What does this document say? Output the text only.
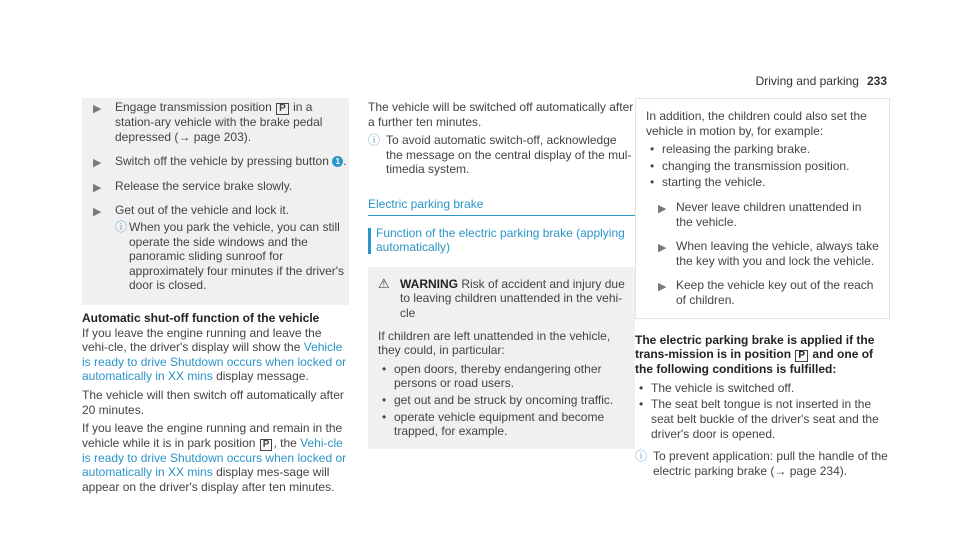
Driving and parking 233
▶ Engage transmission position P in a station-ary vehicle with the brake pedal depressed (→ page 203).
▶ Switch off the vehicle by pressing button 1 .
▶ Release the service brake slowly.
▶ Get out of the vehicle and lock it.
ⓘ When you park the vehicle, you can still operate the side windows and the panoramic sliding sunroof for approximately four minutes if the driver's door is closed.
Automatic shut-off function of the vehicle

If you leave the engine running and leave the vehi-cle, the driver's display will show the Vehicle is ready to drive Shutdown occurs when locked or automatically in XX mins display message.

The vehicle will then switch off automatically after 20 minutes.

If you leave the engine running and remain in the vehicle while it is in park position P , the Vehi-cle is ready to drive Shutdown occurs when locked or automatically in XX mins display mes-sage will appear on the driver's display after ten minutes.

The vehicle will be switched off automatically after a further ten minutes.

ⓘ To avoid automatic switch-off, acknowledge the message on the central display of the mul-timedia system.
Electric parking brake
Function of the electric parking brake (applying automatically)
⚠ WARNING Risk of accident and injury due to leaving children unattended in the vehi-cle

If children are left unattended in the vehicle, they could, in particular:

• open doors, thereby endangering other persons or road users.
• get out and be struck by oncoming traffic.
• operate vehicle equipment and become trapped, for example.

In addition, the children could also set the vehicle in motion by, for example:

• releasing the parking brake.
• changing the transmission position.
• starting the vehicle.
▶ Never leave children unattended in the vehicle.
▶ When leaving the vehicle, always take the key with you and lock the vehicle.
▶ Keep the vehicle key out of the reach of children.
The electric parking brake is applied if the trans-mission is in position P and one of the following conditions is fulfilled:
• The vehicle is switched off.
• The seat belt tongue is not inserted in the seat belt buckle of the driver's seat and the driver's door is opened.
ⓘ To prevent application: pull the handle of the electric parking brake (→ page 234).
